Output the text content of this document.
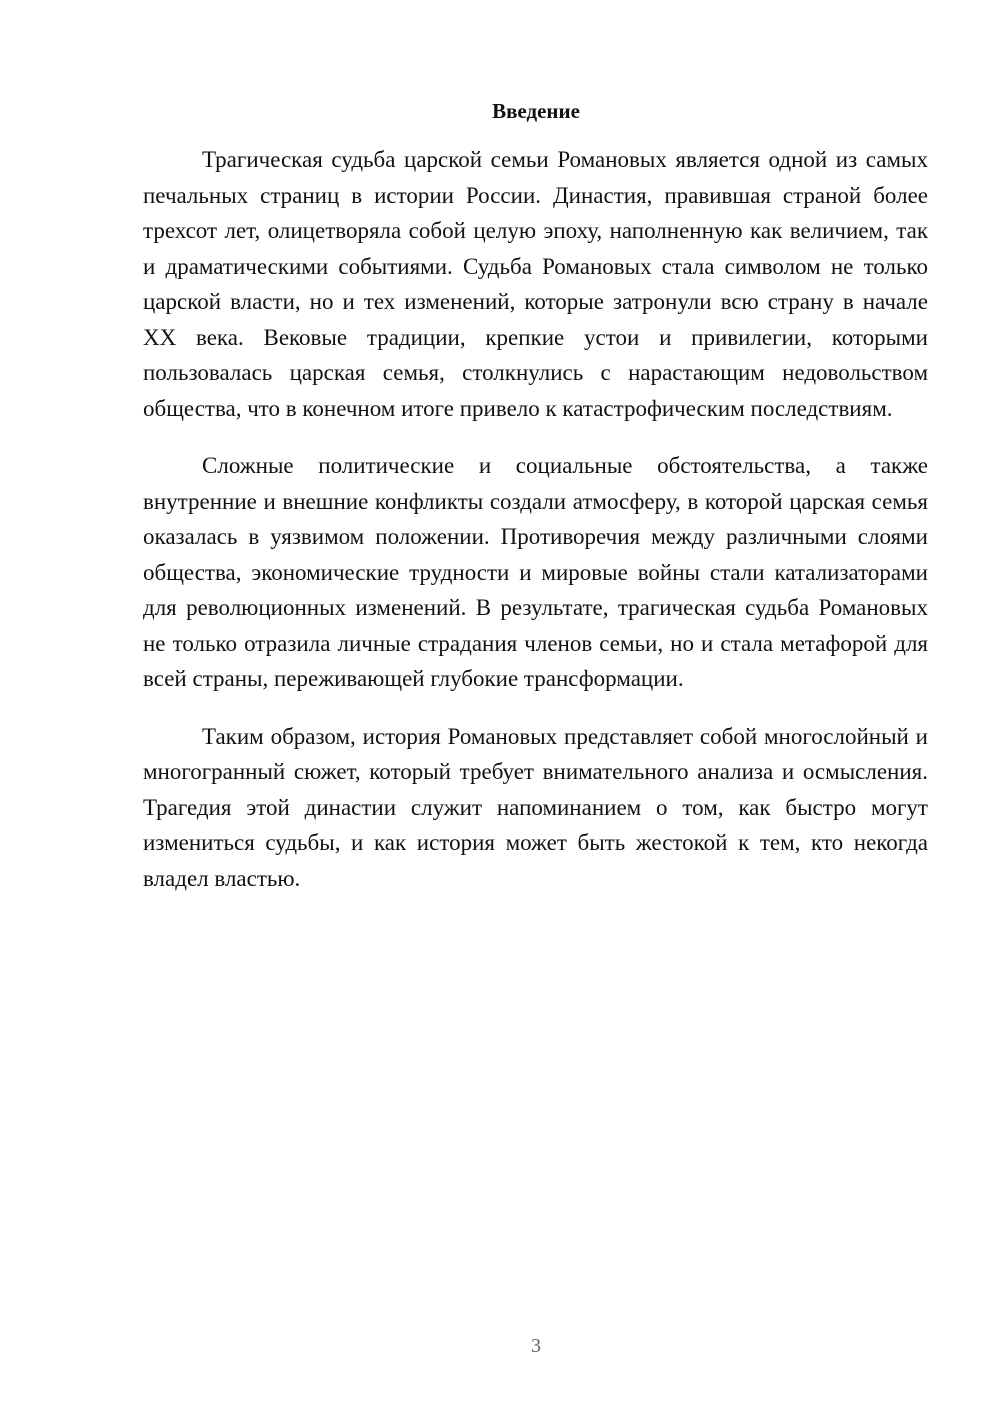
Введение

Трагическая судьба царской семьи Романовых является одной из самых печальных страниц в истории России. Династия, правившая страной более трехсот лет, олицетворяла собой целую эпоху, наполненную как величием, так и драматическими событиями. Судьба Романовых стала символом не только царской власти, но и тех изменений, которые затронули всю страну в начале XX века. Вековые традиции, крепкие устои и привилегии, которыми пользовалась царская семья, столкнулись с нарастающим недовольством общества, что в конечном итоге привело к катастрофическим последствиям.

Сложные политические и социальные обстоятельства, а также внутренние и внешние конфликты создали атмосферу, в которой царская семья оказалась в уязвимом положении. Противоречия между различными слоями общества, экономические трудности и мировые войны стали катализаторами для революционных изменений. В результате, трагическая судьба Романовых не только отразила личные страдания членов семьи, но и стала метафорой для всей страны, переживающей глубокие трансформации.

Таким образом, история Романовых представляет собой многослойный и многогранный сюжет, который требует внимательного анализа и осмысления. Трагедия этой династии служит напоминанием о том, как быстро могут измениться судьбы, и как история может быть жестокой к тем, кто некогда владел властью.

3
